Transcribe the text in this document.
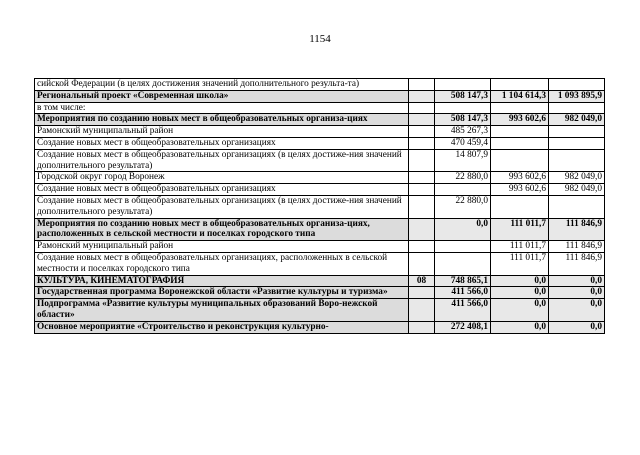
1154
сийской Федерации (в целях достижения значений дополнительного результа-та)				
Региональный проект «Современная школа»		508 147,3	1 104 614,3	1 093 895,9
в том числе:				
Мероприятия по созданию новых мест в общеобразовательных организа-циях		508 147,3	993 602,6	982 049,0
Рамонский муниципальный район		485 267,3		
Создание новых мест в общеобразовательных организациях		470 459,4		
Создание новых мест в общеобразовательных организациях (в целях достиже-ния значений дополнительного результата)		14 807,9		
Городской округ город Воронеж		22 880,0	993 602,6	982 049,0
Создание новых мест в общеобразовательных организациях			993 602,6	982 049,0
Создание новых мест в общеобразовательных организациях (в целях достиже-ния значений дополнительного результата)		22 880,0		
Мероприятия по созданию новых мест в общеобразовательных организа-циях, расположенных в сельской местности и поселках городского типа		0,0	111 011,7	111 846,9
Рамонский муниципальный район			111 011,7	111 846,9
Создание новых мест в общеобразовательных организациях, расположенных в сельской местности и поселках городского типа			111 011,7	111 846,9
КУЛЬТУРА, КИНЕМАТОГРАФИЯ	08	748 865,1	0,0	0,0
Государственная программа Воронежской области «Развитие культуры и туризма»		411 566,0	0,0	0,0
Подпрограмма «Развитие культуры муниципальных образований Воро-нежской области»		411 566,0	0,0	0,0
Основное мероприятие «Строительство и реконструкция культурно-		272 408,1	0,0	0,0
